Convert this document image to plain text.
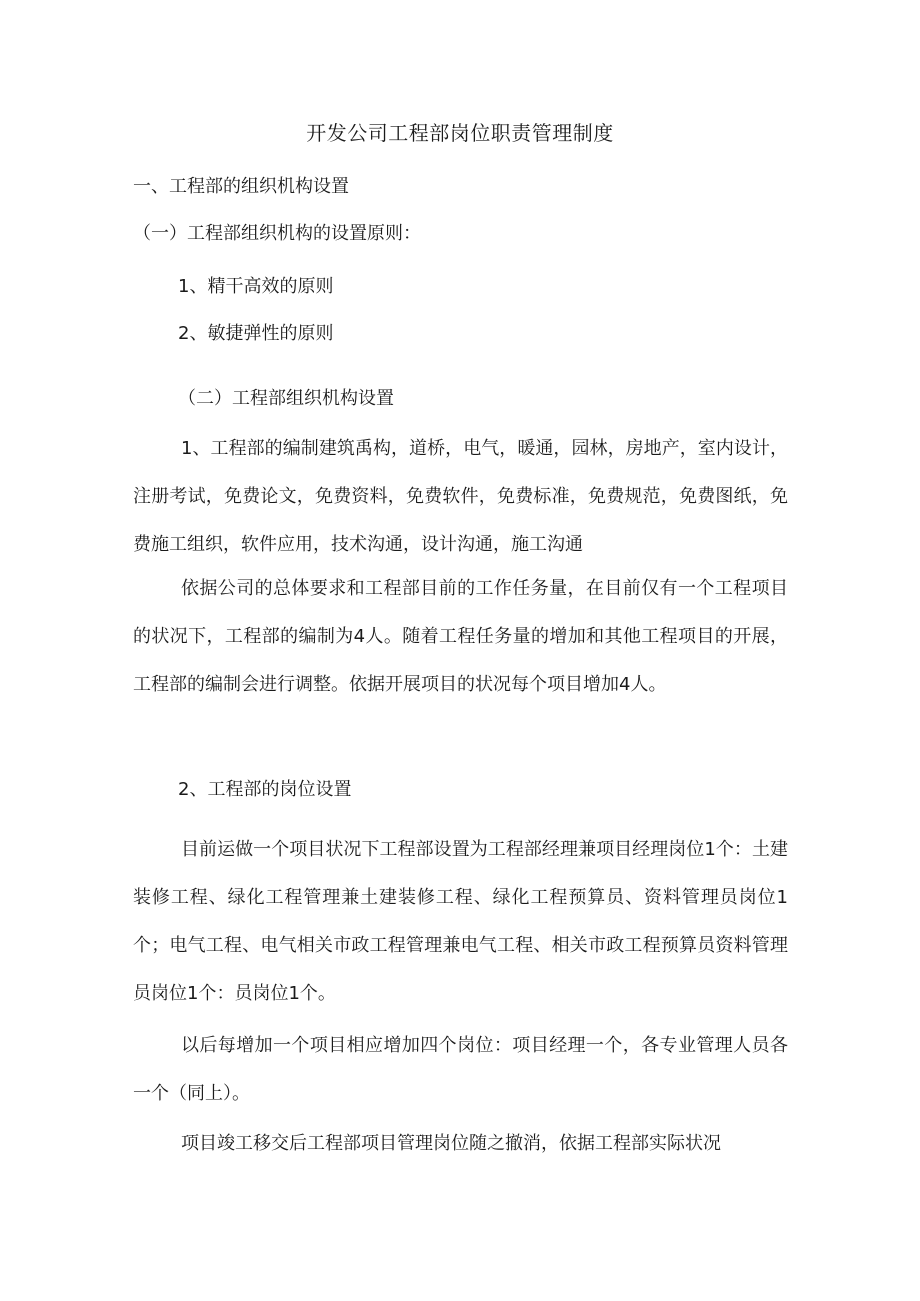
开发公司工程部岗位职责管理制度
一、工程部的组织机构设置
（一）工程部组织机构的设置原则：
1、精干高效的原则
2、敏捷弹性的原则
（二）工程部组织机构设置

1、工程部的编制建筑禹构，道桥，电气，暖通，园林，房地产，室内设计，注册考试，免费论文，免费资料，免费软件，免费标准，免费规范，免费图纸，免费施工组织，软件应用，技术沟通，设计沟通，施工沟通

依据公司的总体要求和工程部目前的工作任务量，在目前仅有一个工程项目的状况下，工程部的编制为4人。随着工程任务量的增加和其他工程项目的开展，工程部的编制会进行调整。依据开展项目的状况每个项目增加4人。

2、工程部的岗位设置

目前运做一个项目状况下工程部设置为工程部经理兼项目经理岗位1个：土建装修工程、绿化工程管理兼土建装修工程、绿化工程预算员、资料管理员岗位1个；电气工程、电气相关市政工程管理兼电气工程、相关市政工程预算员资料管理员岗位1个：员岗位1个。

以后每增加一个项目相应增加四个岗位：项目经理一个，各专业管理人员各一个（同上）。

项目竣工移交后工程部项目管理岗位随之撤消，依据工程部实际状况
